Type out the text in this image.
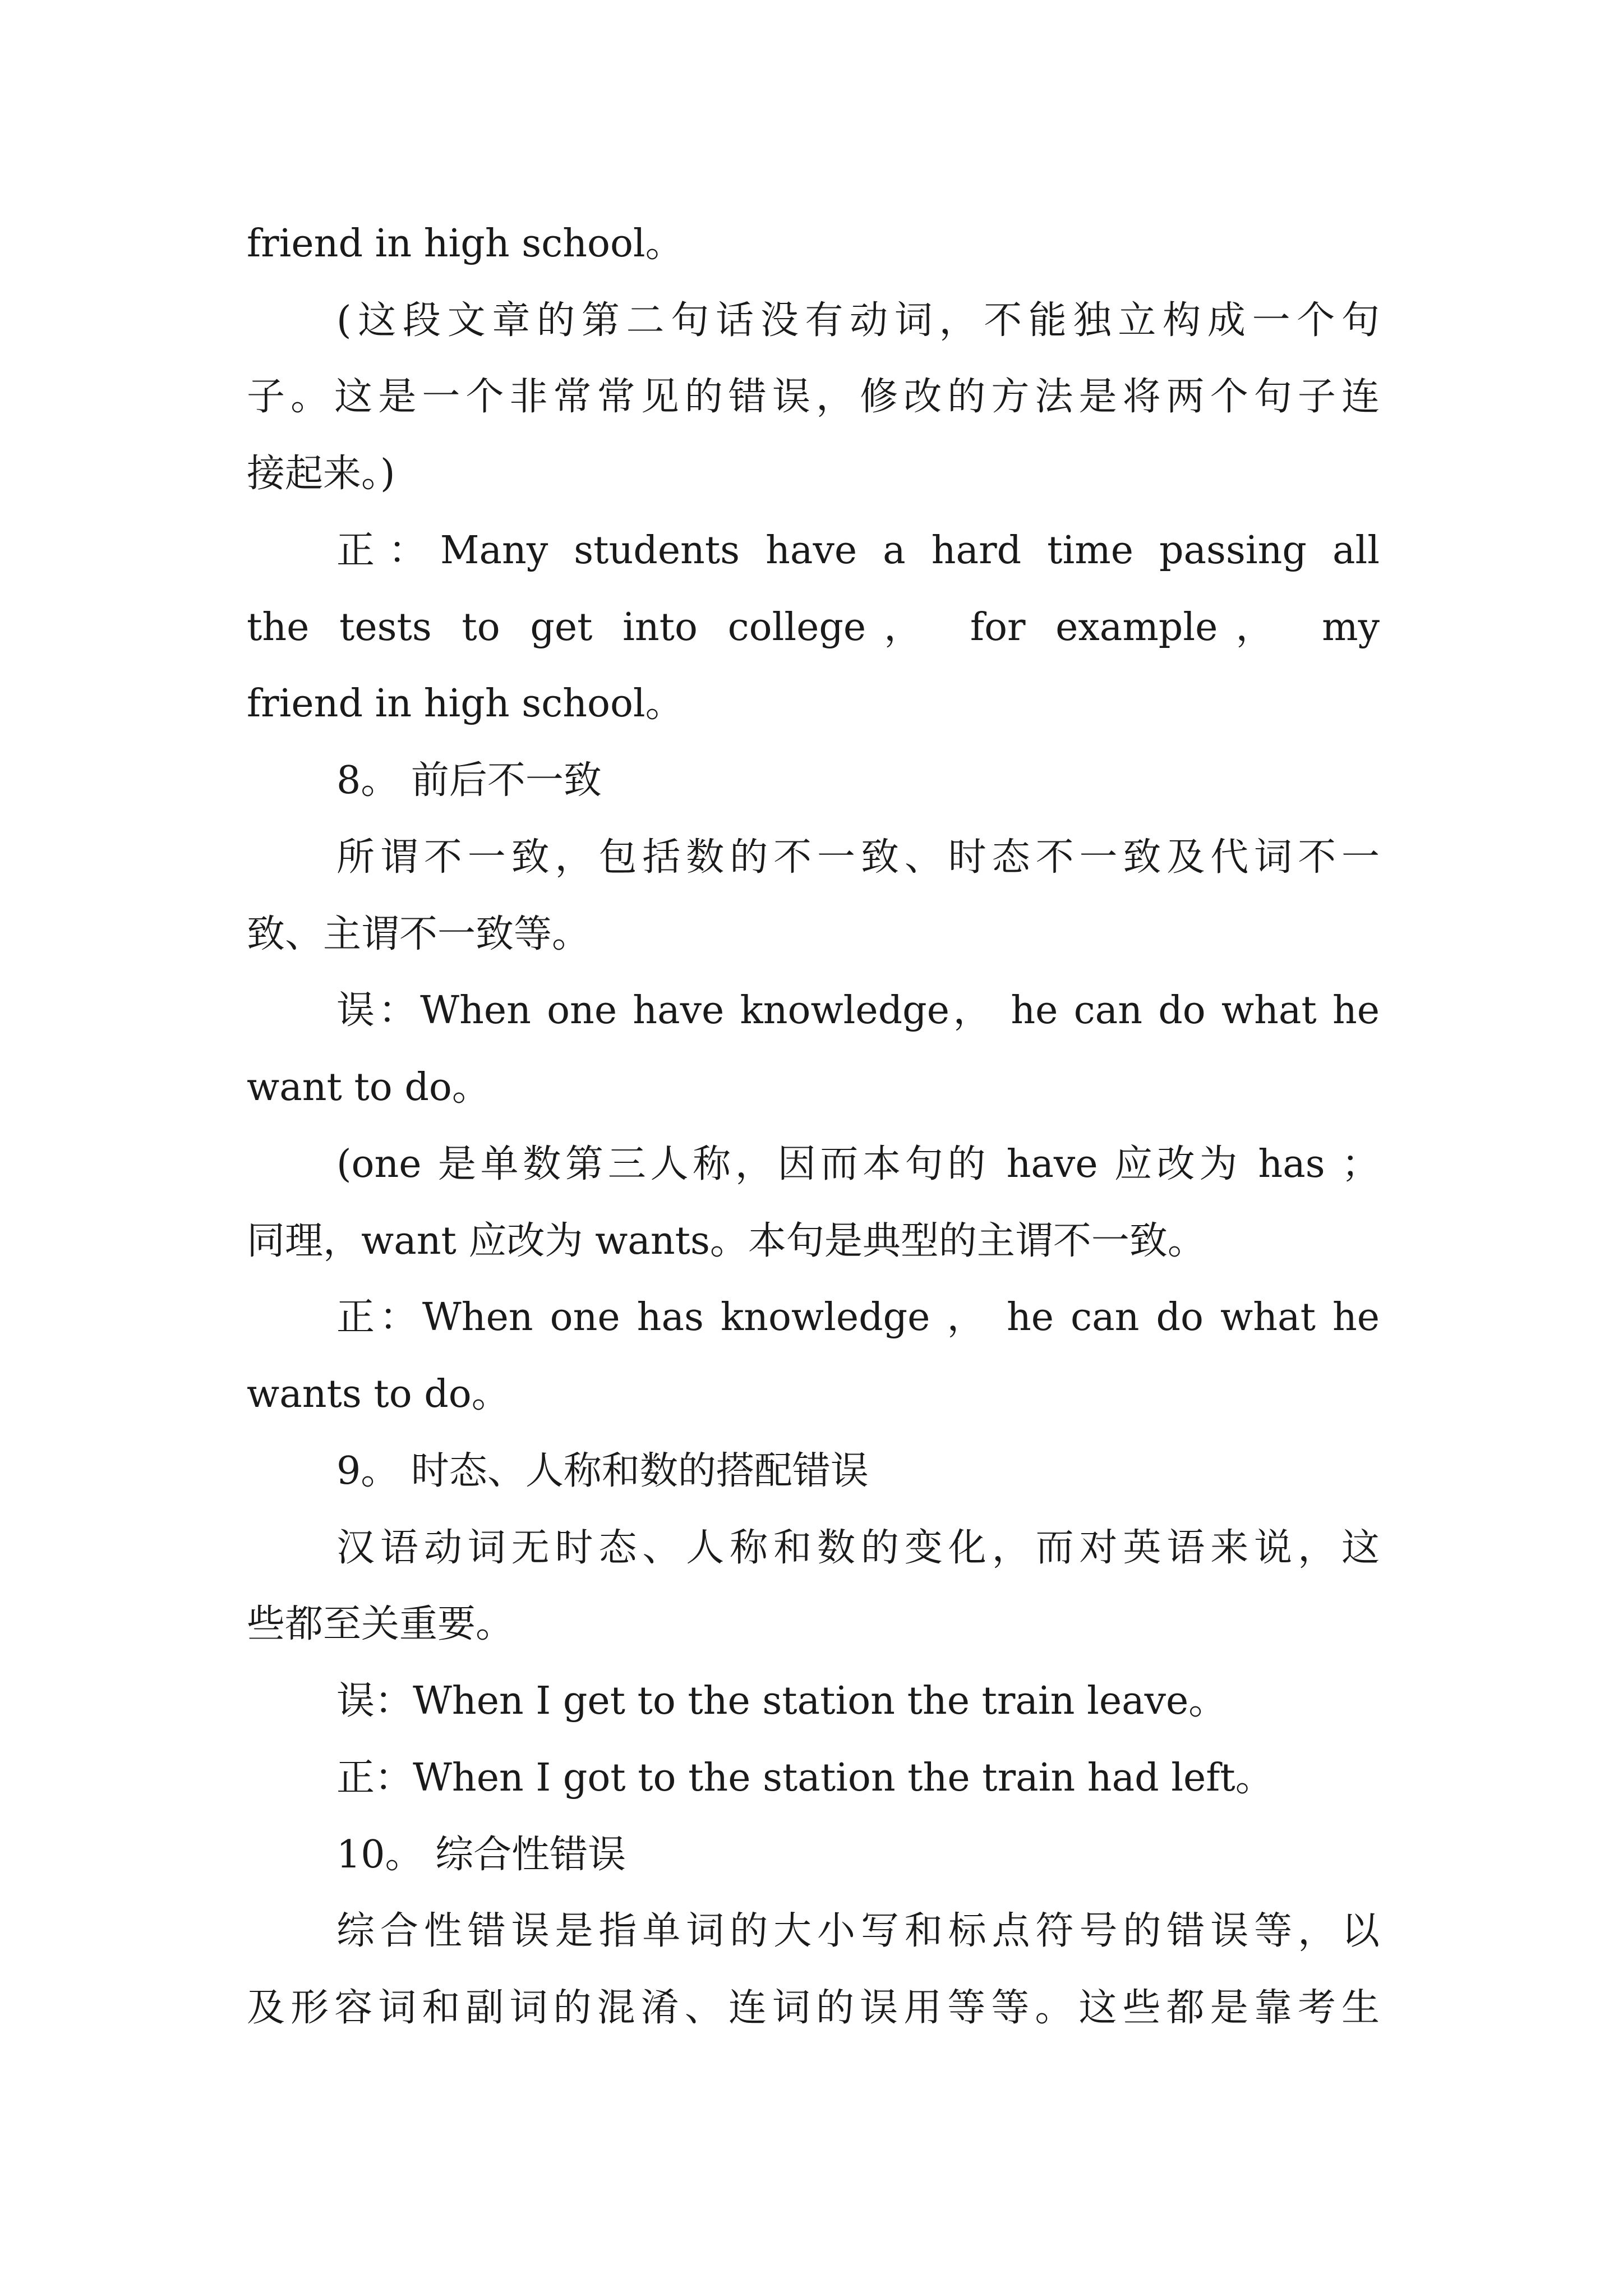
friend in high school。
(这段文章的第二句话没有动词，不能独立构成一个句
子。这是一个非常常见的错误，修改的方法是将两个句子连
接起来。)
正：Many students have a hard time passing all
the tests to get into college， for example， my
friend in high school。
8。 前后不一致
所谓不一致，包括数的不一致、时态不一致及代词不一
致、主谓不一致等。
误：When one have knowledge， he can do what he
want to do。
(one 是单数第三人称，因而本句的 have 应改为 has ；
同理，want 应改为 wants。本句是典型的主谓不一致。
正：When one has knowledge ， he can do what he
wants to do。
9。 时态、人称和数的搭配错误
汉语动词无时态、人称和数的变化，而对英语来说，这
些都至关重要。
误：When I get to the station the train leave。
正：When I got to the station the train had left。
10。 综合性错误
综合性错误是指单词的大小写和标点符号的错误等，以
及形容词和副词的混淆、连词的误用等等。这些都是靠考生
